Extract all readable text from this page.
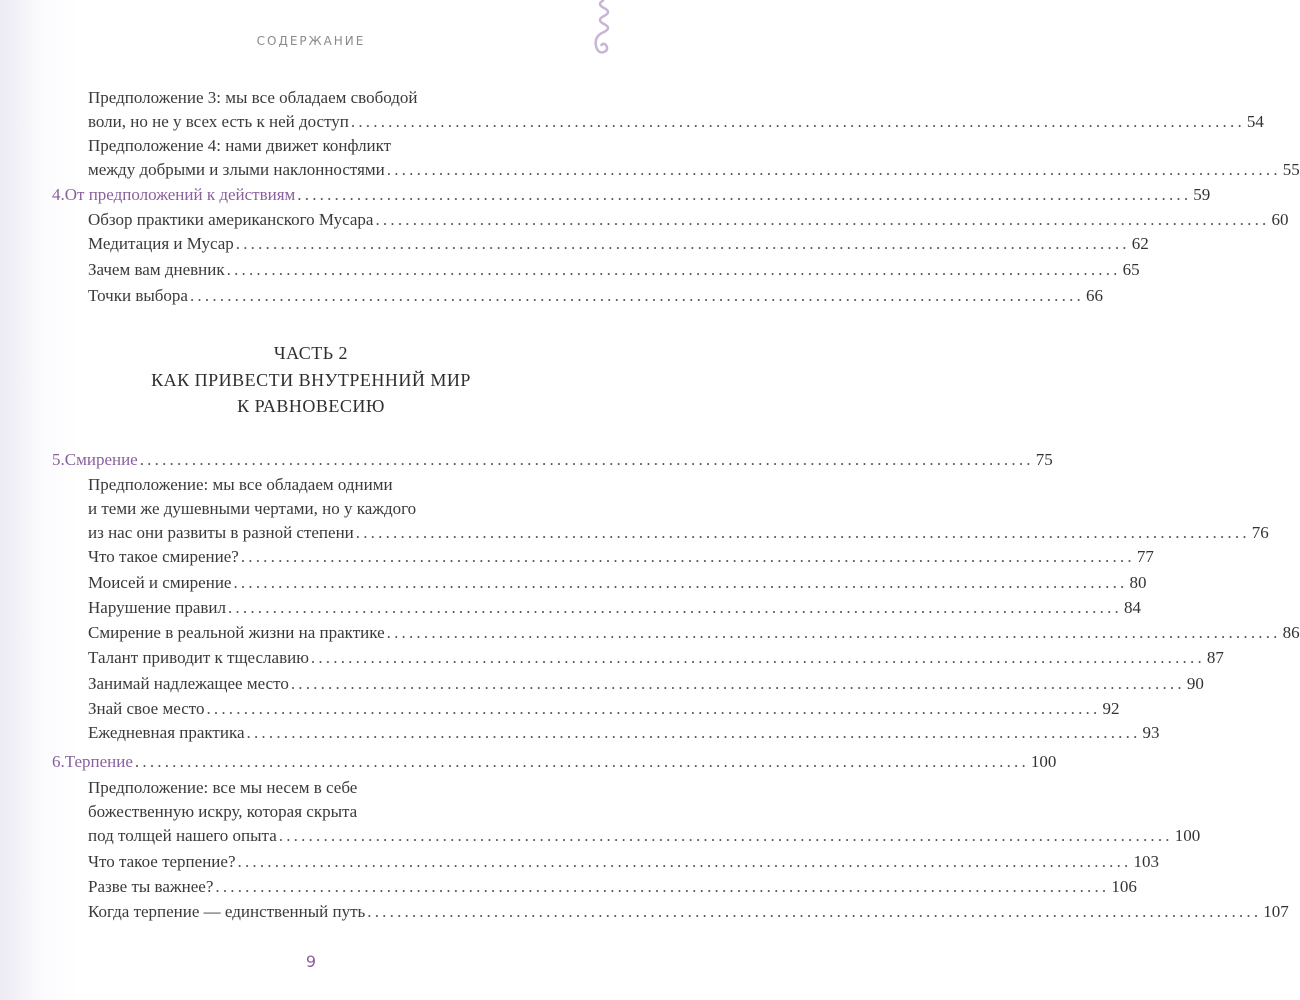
СОДЕРЖАНИЕ
Предположение 3: мы все обладаем свободой
воли, но не у всех есть к ней доступ ........................................................................................................................ 54
Предположение 4: нами движет конфликт
между добрыми и злыми наклонностями ........................................................................................................................ 55
4. От предположений к действиям ........................................................................................................................ 59
Обзор практики американского Мусара ........................................................................................................................ 60
Медитация и Мусар ........................................................................................................................ 62
Зачем вам дневник ........................................................................................................................ 65
Точки выбора ........................................................................................................................ 66
5. Смирение ........................................................................................................................ 75
Предположение: мы все обладаем одними
и теми же душевными чертами, но у каждого
из нас они развиты в разной степени ........................................................................................................................ 76
Что такое смирение? ........................................................................................................................ 77
Моисей и смирение ........................................................................................................................ 80
Нарушение правил ........................................................................................................................ 84
Смирение в реальной жизни на практике ........................................................................................................................ 86
Талант приводит к тщеславию ........................................................................................................................ 87
Занимай надлежащее место ........................................................................................................................ 90
Знай свое место ........................................................................................................................ 92
Ежедневная практика ........................................................................................................................ 93
6. Терпение ........................................................................................................................ 100
Предположение: все мы несем в себе
божественную искру, которая скрыта
под толщей нашего опыта ........................................................................................................................ 100
Что такое терпение? ........................................................................................................................ 103
Разве ты важнее? ........................................................................................................................ 106
Когда терпение — единственный путь ........................................................................................................................ 107
ЧАСТЬ 2
КАК ПРИВЕСТИ ВНУТРЕННИЙ МИР
К РАВНОВЕСИЮ
9
